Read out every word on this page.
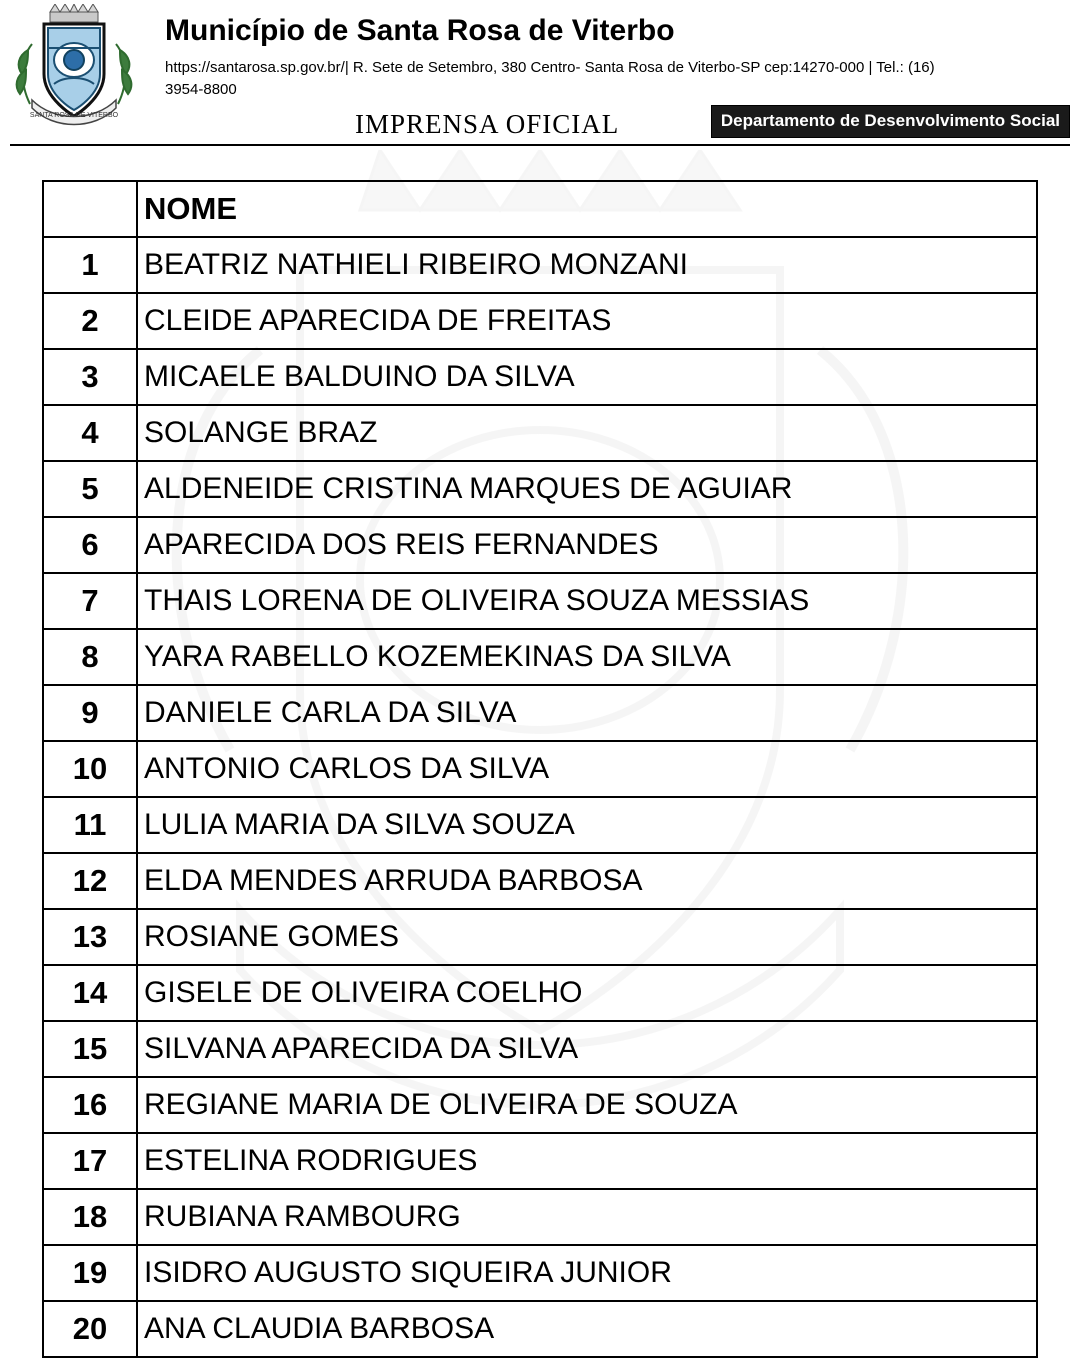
SANTA ROSA DE VITERBO
Município de Santa Rosa de Viterbo
https://santarosa.sp.gov.br/| R. Sete de Setembro, 380 Centro- Santa Rosa de Viterbo-SP cep:14270-000 | Tel.: (16) 3954-8800
IMPRENSA OFICIAL	Departamento de Desenvolvimento Social
	NOME
1	BEATRIZ NATHIELI RIBEIRO MONZANI
2	CLEIDE APARECIDA DE FREITAS
3	MICAELE BALDUINO DA SILVA
4	SOLANGE BRAZ
5	ALDENEIDE CRISTINA MARQUES DE AGUIAR
6	APARECIDA DOS REIS FERNANDES
7	THAIS LORENA DE OLIVEIRA SOUZA MESSIAS
8	YARA RABELLO KOZEMEKINAS DA SILVA
9	DANIELE CARLA DA SILVA
10	ANTONIO CARLOS DA SILVA
11	LULIA MARIA DA SILVA SOUZA
12	ELDA MENDES ARRUDA BARBOSA
13	ROSIANE GOMES
14	GISELE DE OLIVEIRA COELHO
15	SILVANA APARECIDA DA SILVA
16	REGIANE MARIA DE OLIVEIRA DE SOUZA
17	ESTELINA RODRIGUES
18	RUBIANA RAMBOURG
19	ISIDRO AUGUSTO SIQUEIRA JUNIOR
20	ANA CLAUDIA BARBOSA
